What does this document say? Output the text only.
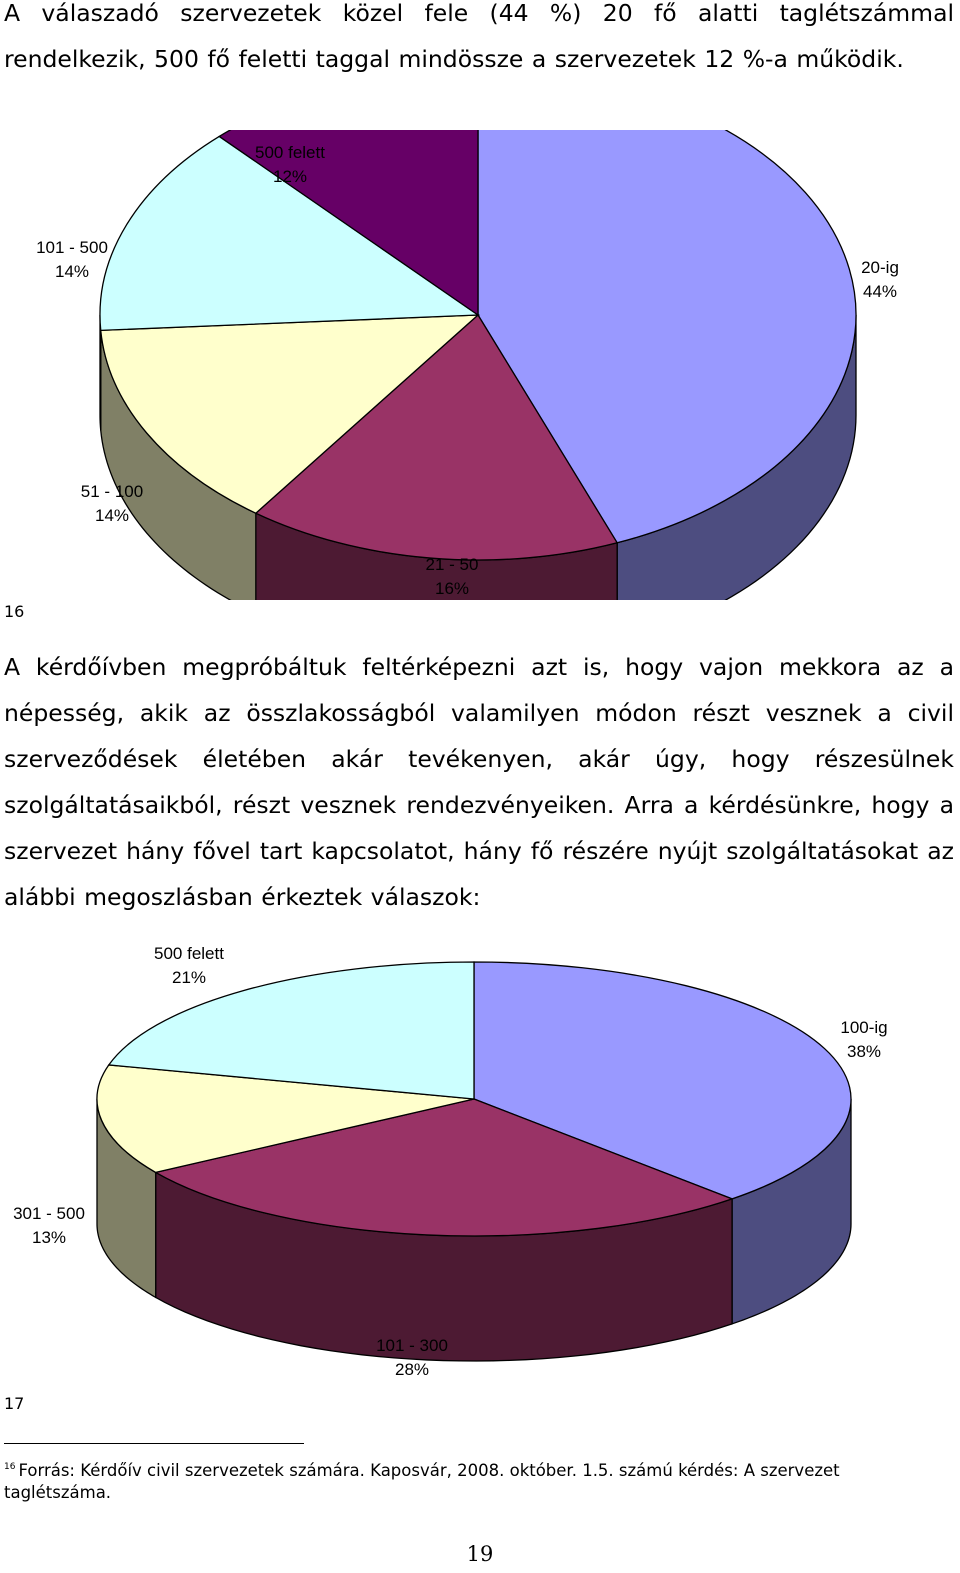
A válaszadó szervezetek közel fele (44 %) 20 fő alatti taglétszámmal rendelkezik, 500 fő feletti taggal mindössze a szervezetek 12 %-a működik.

20-ig
44%
21 - 50
16%
51 - 100
14%
101 - 500
14%
500 felett
12%
16

A kérdőívben megpróbáltuk feltérképezni azt is, hogy vajon mekkora az a népesség, akik az összlakosságból valamilyen módon részt vesznek a civil szerveződések életében akár tevékenyen, akár úgy, hogy részesülnek szolgáltatásaikból, részt vesznek rendezvényeiken. Arra a kérdésünkre, hogy a szervezet hány fővel tart kapcsolatot, hány fő részére nyújt szolgáltatásokat az alábbi megoszlásban érkeztek válaszok:

100-ig
38%
101 - 300
28%
301 - 500
13%
500 felett
21%
17

$^{16}$ Forrás: Kérdőív civil szervezetek számára. Kaposvár, 2008. október. 1.5. számú kérdés: A szervezet taglétszáma.

19
